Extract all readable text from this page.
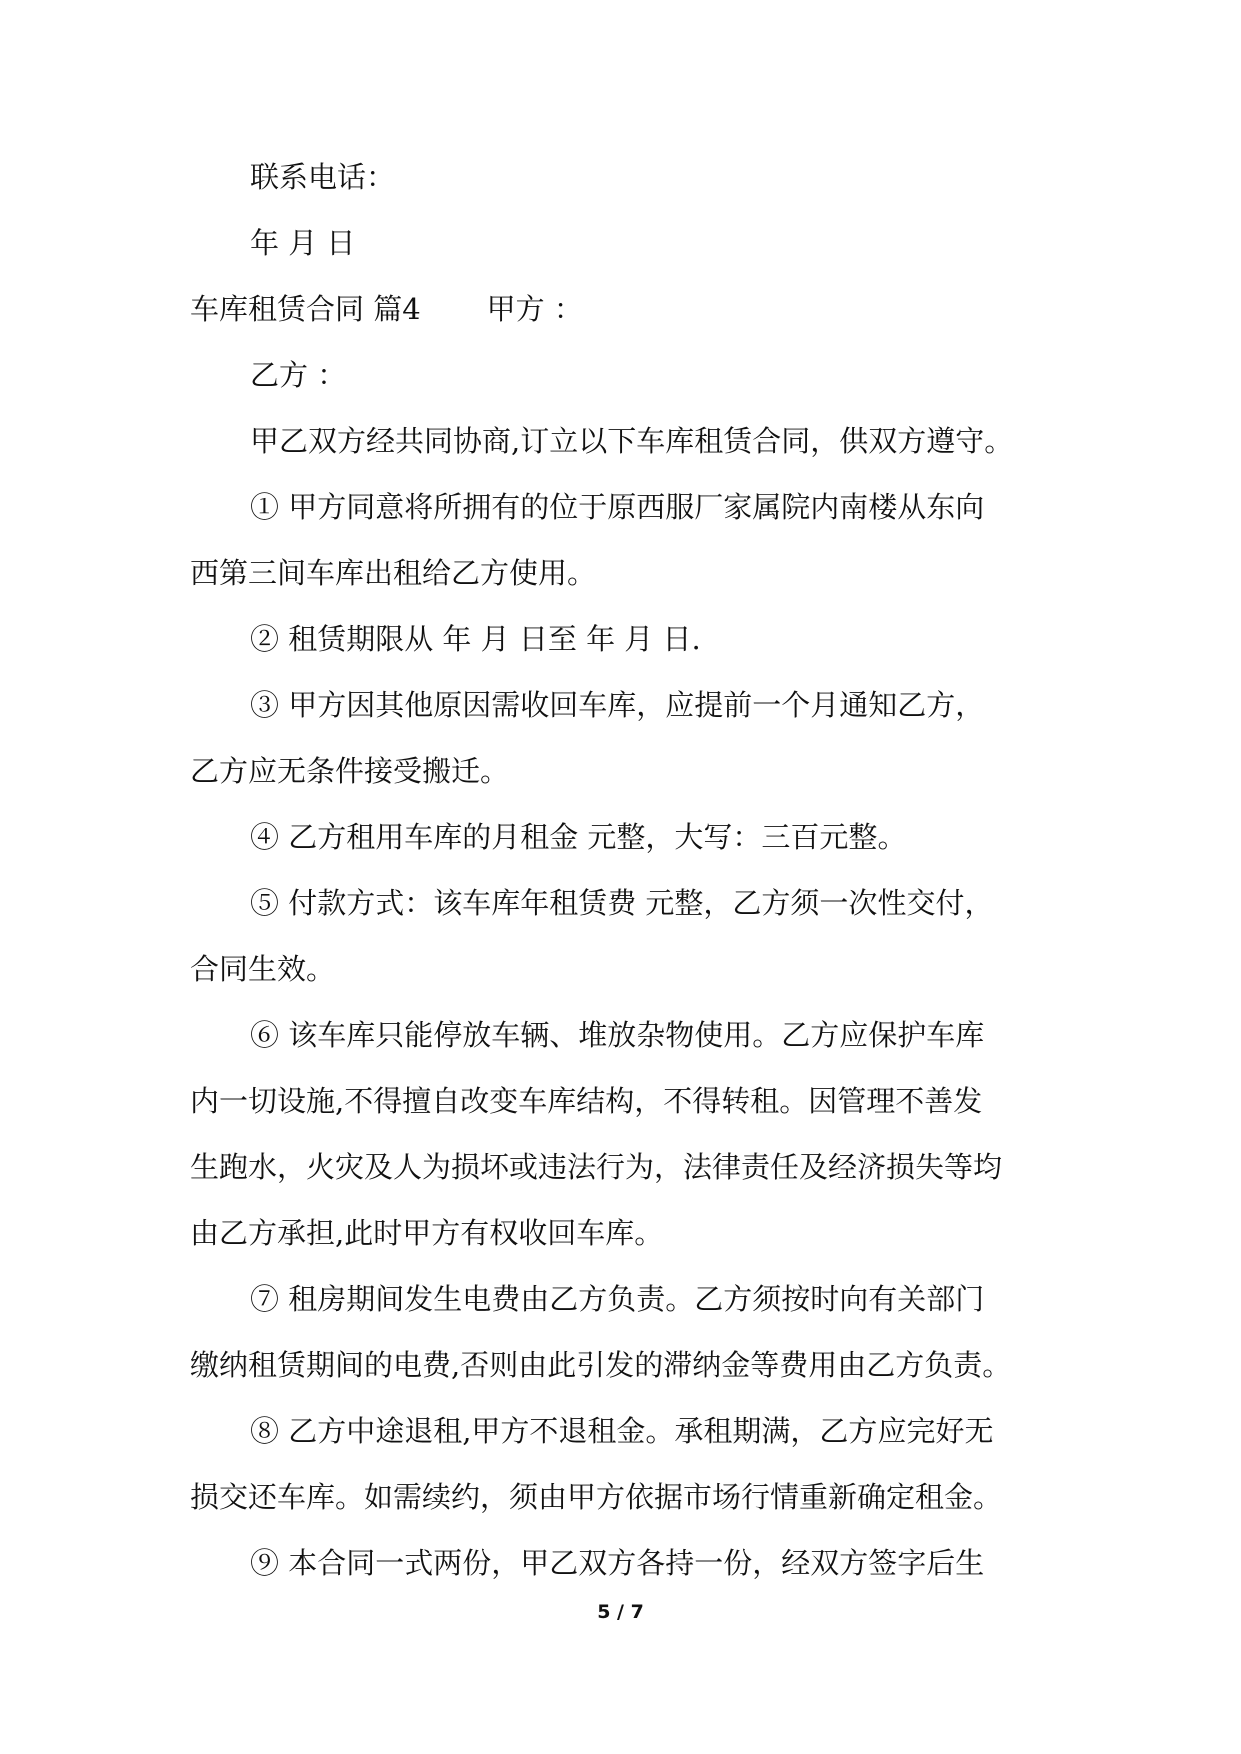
联系电话：
年 月 日
车库租赁合同 篇4 甲方 ：
乙方 ：
甲乙双方经共同协商,订立以下车库租赁合同，供双方遵守。
① 甲方同意将所拥有的位于原西服厂家属院内南楼从东向
西第三间车库出租给乙方使用。
② 租赁期限从 年 月 日至 年 月 日.
③ 甲方因其他原因需收回车库，应提前一个月通知乙方，
乙方应无条件接受搬迁。
④ 乙方租用车库的月租金 元整，大写：三百元整。
⑤ 付款方式：该车库年租赁费 元整，乙方须一次性交付，
合同生效。
⑥ 该车库只能停放车辆、堆放杂物使用。乙方应保护车库
内一切设施,不得擅自改变车库结构，不得转租。因管理不善发
生跑水，火灾及人为损坏或违法行为，法律责任及经济损失等均
由乙方承担,此时甲方有权收回车库。
⑦ 租房期间发生电费由乙方负责。乙方须按时向有关部门
缴纳租赁期间的电费,否则由此引发的滞纳金等费用由乙方负责。
⑧ 乙方中途退租,甲方不退租金。承租期满，乙方应完好无
损交还车库。如需续约，须由甲方依据市场行情重新确定租金。
⑨ 本合同一式两份，甲乙双方各持一份，经双方签字后生
5 / 7
